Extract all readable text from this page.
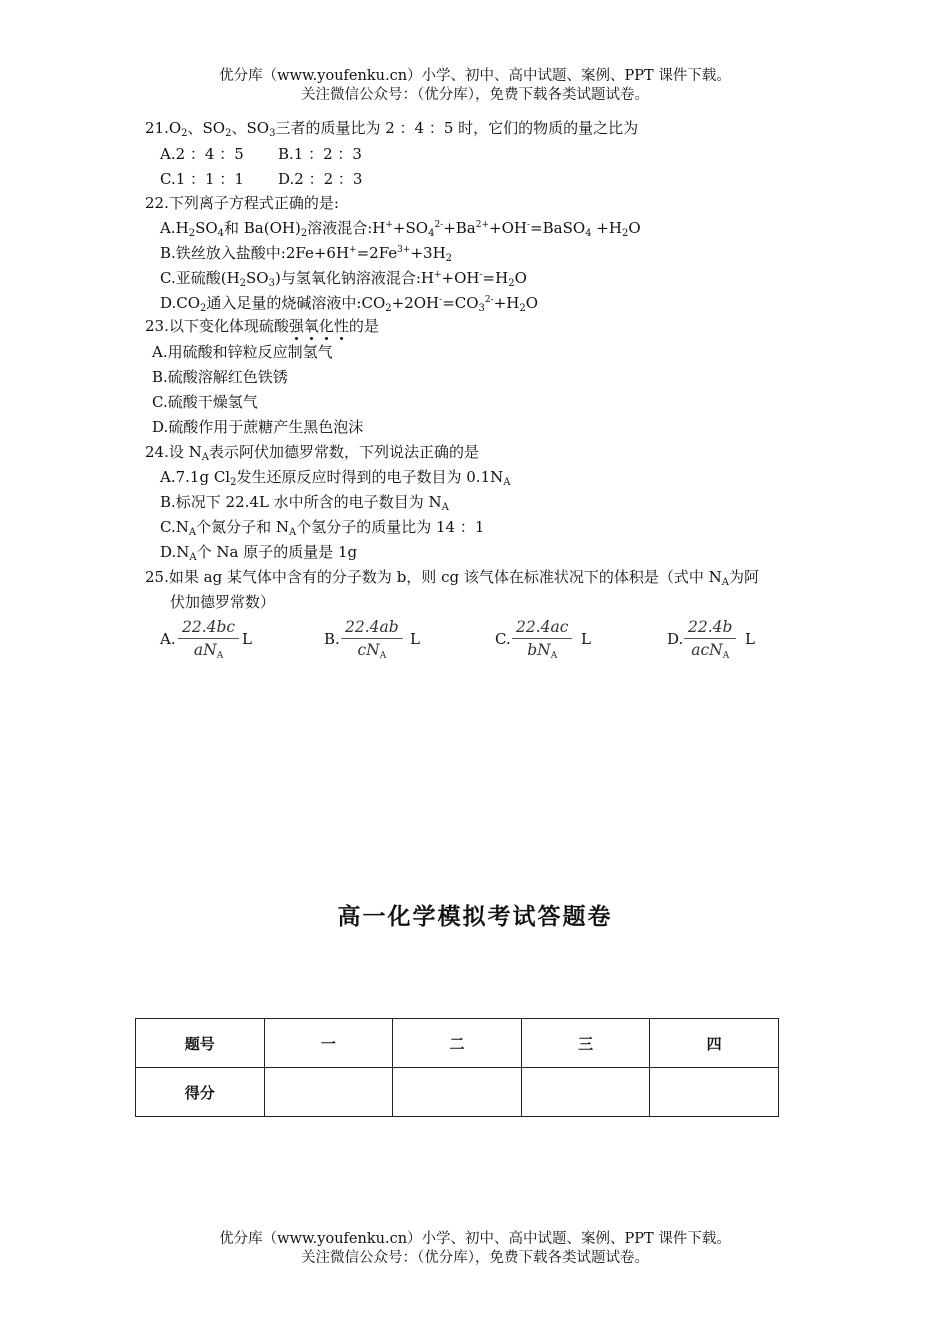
优分库（www.youfenku.cn）小学、初中、高中试题、案例、PPT 课件下载。
关注微信公众号：（优分库），免费下载各类试题试卷。
$21.O_2$、$SO_2$、$SO_3$三者的质量比为 2 ：4 ：5 时，它们的物质的量之比为
A.2 ：4 ：5 B.1 ：2 ：3
C.1 ：1 ：1 D.2 ：2 ：3
22.下列离子方程式正确的是:
$A.H_2SO_4$和 $Ba(OH)_2$溶液混合$:H^++SO_4^{2-}+Ba^{2+}+OH^-=BaSO_4 +H_2O$
B.铁丝放入盐酸中$:2Fe+6H^+=2Fe^{3+}+3H_2$
C.亚硫酸$(H_2SO_3)$与氢氧化钠溶液混合$:H^++OH^-=H_2O$
$D.CO_2$通入足量的烧碱溶液中$:CO_2+2OH^-=CO_3^{2-}+H_2O$
23.以下变化体现硫酸强氧化性的是
A.用硫酸和锌粒反应制氢气
B.硫酸溶解红色铁锈
C.硫酸干燥氢气
D.硫酸作用于蔗糖产生黑色泡沫
24.设 $N_A$表示阿伏加德罗常数，下列说法正确的是
A.7.1g $Cl_2$发生还原反应时得到的电子数目为 $0.1N_A$
B.标况下 22.4L 水中所含的电子数目为 $N_A$
$C.N_A$个氮分子和 $N_A$个氢分子的质量比为 14 ：1
$D.N_A$个 Na 原子的质量是 1g
25.如果 ag 某气体中含有的分子数为 b，则 cg 该气体在标准状况下的体积是（式中 $N_A$为阿
伏加德罗常数）
A.
22.4bc
$aN_A$
L	B.
22.4ab
$cN_A$
L	C.
22.4ac
$bN_A$
L	D.
22.4b
acN$_A$
L
高一化学模拟考试答题卷
题号	一	二	三	四
得分				
优分库（www.youfenku.cn）小学、初中、高中试题、案例、PPT 课件下载。
关注微信公众号：（优分库），免费下载各类试题试卷。
